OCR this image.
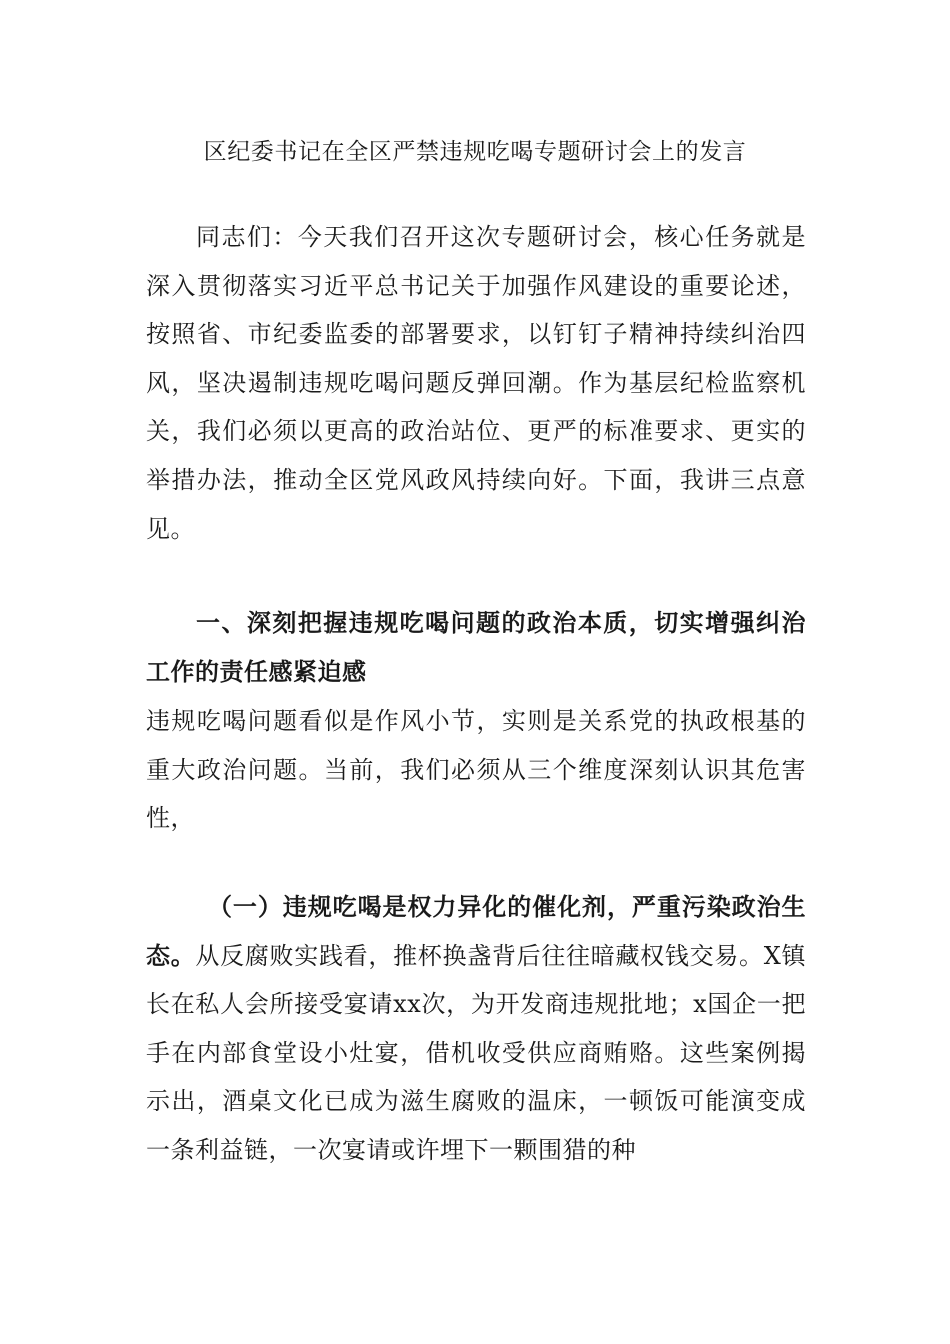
区纪委书记在全区严禁违规吃喝专题研讨会上的发言

同志们：今天我们召开这次专题研讨会，核心任务就是深入贯彻落实习近平总书记关于加强作风建设的重要论述，按照省、市纪委监委的部署要求，以钉钉子精神持续纠治四风，坚决遏制违规吃喝问题反弹回潮。作为基层纪检监察机关，我们必须以更高的政治站位、更严的标准要求、更实的举措办法，推动全区党风政风持续向好。下面，我讲三点意见。

一、深刻把握违规吃喝问题的政治本质，切实增强纠治工作的责任感紧迫感

违规吃喝问题看似是作风小节，实则是关系党的执政根基的重大政治问题。当前，我们必须从三个维度深刻认识其危害性，

（一）违规吃喝是权力异化的催化剂，严重污染政治生态。从反腐败实践看，推杯换盏背后往往暗藏权钱交易。X镇长在私人会所接受宴请xx次，为开发商违规批地；x国企一把手在内部食堂设小灶宴，借机收受供应商贿赂。这些案例揭示出，酒桌文化已成为滋生腐败的温床，一顿饭可能演变成一条利益链，一次宴请或许埋下一颗围猎的种
